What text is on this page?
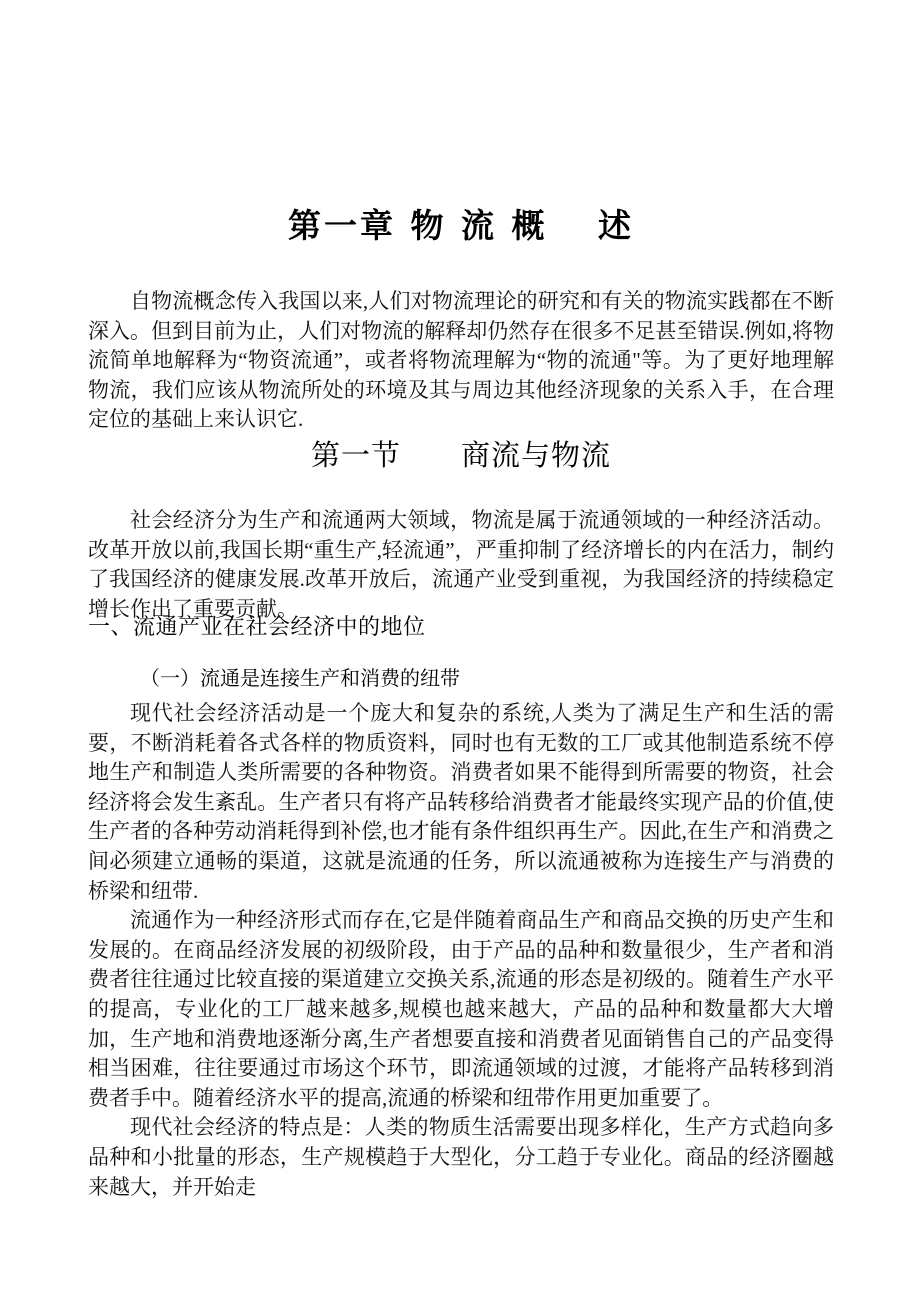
第一章 物 流 概　 述

自物流概念传入我国以来,人们对物流理论的研究和有关的物流实践都在不断深入。但到目前为止，人们对物流的解释却仍然存在很多不足甚至错误.例如,将物流简单地解释为“物资流通”，或者将物流理解为“物的流通"等。为了更好地理解物流，我们应该从物流所处的环境及其与周边其他经济现象的关系入手，在合理定位的基础上来认识它.

第一节　　商流与物流

社会经济分为生产和流通两大领域，物流是属于流通领域的一种经济活动。改革开放以前,我国长期“重生产,轻流通”，严重抑制了经济增长的内在活力，制约了我国经济的健康发展.改革开放后，流通产业受到重视，为我国经济的持续稳定增长作出了重要贡献。

一、流通产业在社会经济中的地位
（一）流通是连接生产和消费的纽带

现代社会经济活动是一个庞大和复杂的系统,人类为了满足生产和生活的需要，不断消耗着各式各样的物质资料，同时也有无数的工厂或其他制造系统不停地生产和制造人类所需要的各种物资。消费者如果不能得到所需要的物资，社会经济将会发生紊乱。生产者只有将产品转移给消费者才能最终实现产品的价值,使生产者的各种劳动消耗得到补偿,也才能有条件组织再生产。因此,在生产和消费之间必须建立通畅的渠道，这就是流通的任务，所以流通被称为连接生产与消费的桥梁和纽带.

流通作为一种经济形式而存在,它是伴随着商品生产和商品交换的历史产生和发展的。在商品经济发展的初级阶段，由于产品的品种和数量很少，生产者和消费者往往通过比较直接的渠道建立交换关系,流通的形态是初级的。随着生产水平的提高，专业化的工厂越来越多,规模也越来越大，产品的品种和数量都大大增加，生产地和消费地逐渐分离,生产者想要直接和消费者见面销售自己的产品变得相当困难，往往要通过市场这个环节，即流通领域的过渡，才能将产品转移到消费者手中。随着经济水平的提高,流通的桥梁和纽带作用更加重要了。

现代社会经济的特点是：人类的物质生活需要出现多样化，生产方式趋向多品种和小批量的形态，生产规模趋于大型化，分工趋于专业化。商品的经济圈越来越大，并开始走
